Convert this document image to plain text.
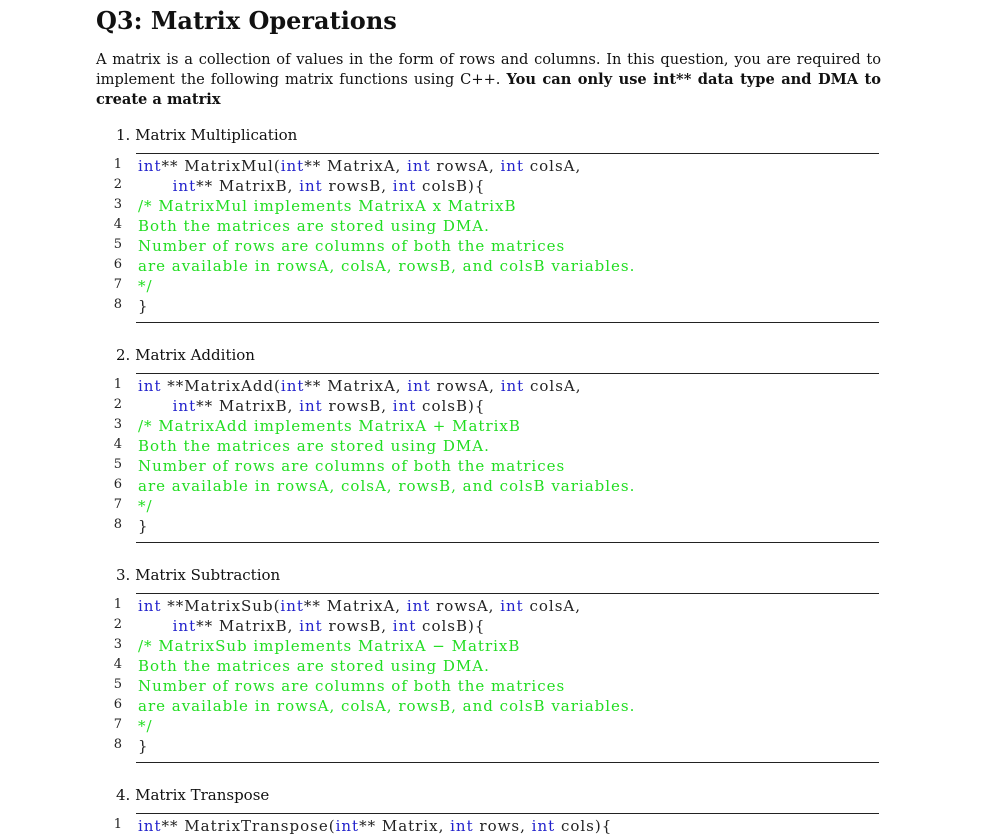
Q3: Matrix Operations
A matrix is a collection of values in the form of rows and columns. In this question, you are required to implement the following matrix functions using C++. You can only use int** data type and DMA to create a matrix
1. Matrix Multiplication
1 int** MatrixMul(int** MatrixA, int rowsA, int colsA,
2	int** MatrixB, int rowsB, int colsB){
3 /* MatrixMul implements MatrixA x MatrixB
4 Both the matrices are stored using DMA.
5 Number of rows are columns of both the matrices
6 are available in rowsA, colsA, rowsB, and colsB variables.
7 */
8 }
2. Matrix Addition
1 int **MatrixAdd(int** MatrixA, int rowsA, int colsA,
2	int** MatrixB, int rowsB, int colsB){
3 /* MatrixAdd implements MatrixA + MatrixB
4 Both the matrices are stored using DMA.
5 Number of rows are columns of both the matrices
6 are available in rowsA, colsA, rowsB, and colsB variables.
7 */
8 }
3. Matrix Subtraction
1 int **MatrixSub(int** MatrixA, int rowsA, int colsA,
2	int** MatrixB, int rowsB, int colsB){
3 /* MatrixSub implements MatrixA − MatrixB
4 Both the matrices are stored using DMA.
5 Number of rows are columns of both the matrices
6 are available in rowsA, colsA, rowsB, and colsB variables.
7 */
8 }
4. Matrix Transpose
1 int** MatrixTranspose(int** Matrix, int rows, int cols){
